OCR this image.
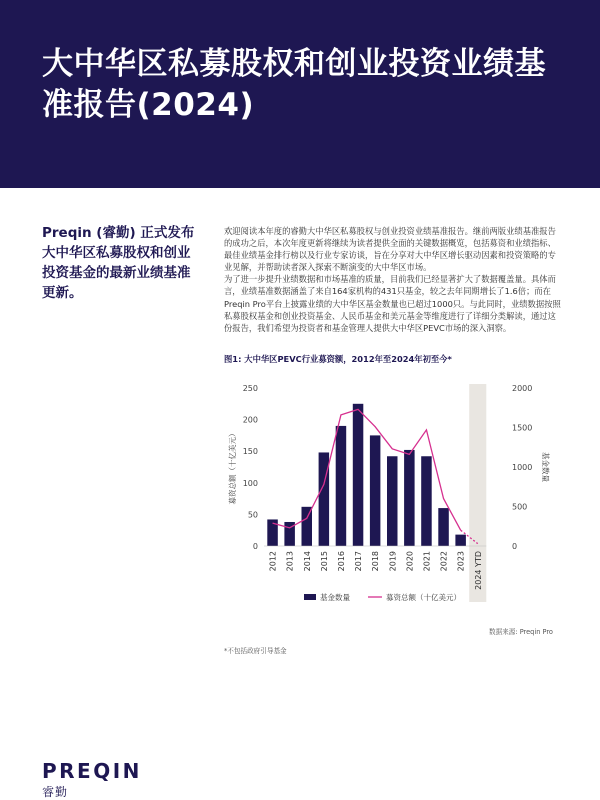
大中华区私募股权和创业投资业绩基准报告(2024)
Preqin (睿勤) 正式发布大中华区私募股权和创业投资基金的最新业绩基准更新。

欢迎阅读本年度的睿勤大中华区私募股权与创业投资业绩基准报告。继前两版业绩基准报告的成功之后，本次年度更新将继续为读者提供全面的关键数据概览，包括募资和业绩指标、最佳业绩基金排行榜以及行业专家访谈，旨在分享对大中华区增长驱动因素和投资策略的专业见解，并帮助读者深入探索不断演变的大中华区市场。

为了进一步提升业绩数据和市场基准的质量，目前我们已经显著扩大了数据覆盖量。具体而言，业绩基准数据涵盖了来自164家机构的431只基金，较之去年同期增长了1.6倍；而在Preqin Pro平台上披露业绩的大中华区基金数量也已超过1000只。与此同时，业绩数据按照私募股权基金和创业投资基金、人民币基金和美元基金等维度进行了详细分类解读，通过这份报告，我们希望为投资者和基金管理人提供大中华区PEVC市场的深入洞察。

图1: 大中华区PEVC行业募资额，2012年至2024年初至今*
0
50
100
150
200
250
0
500
1000
1500
2000
募资总额（十亿美元）	基金数量
2012 2013 2014 2015 2016 2017 2018 2019 2020 2021 2022 2023 2024 YTD
基金数量	募资总额（十亿美元）
数据来源: Preqin Pro
*不包括政府引导基金
PREQIN
睿勤
